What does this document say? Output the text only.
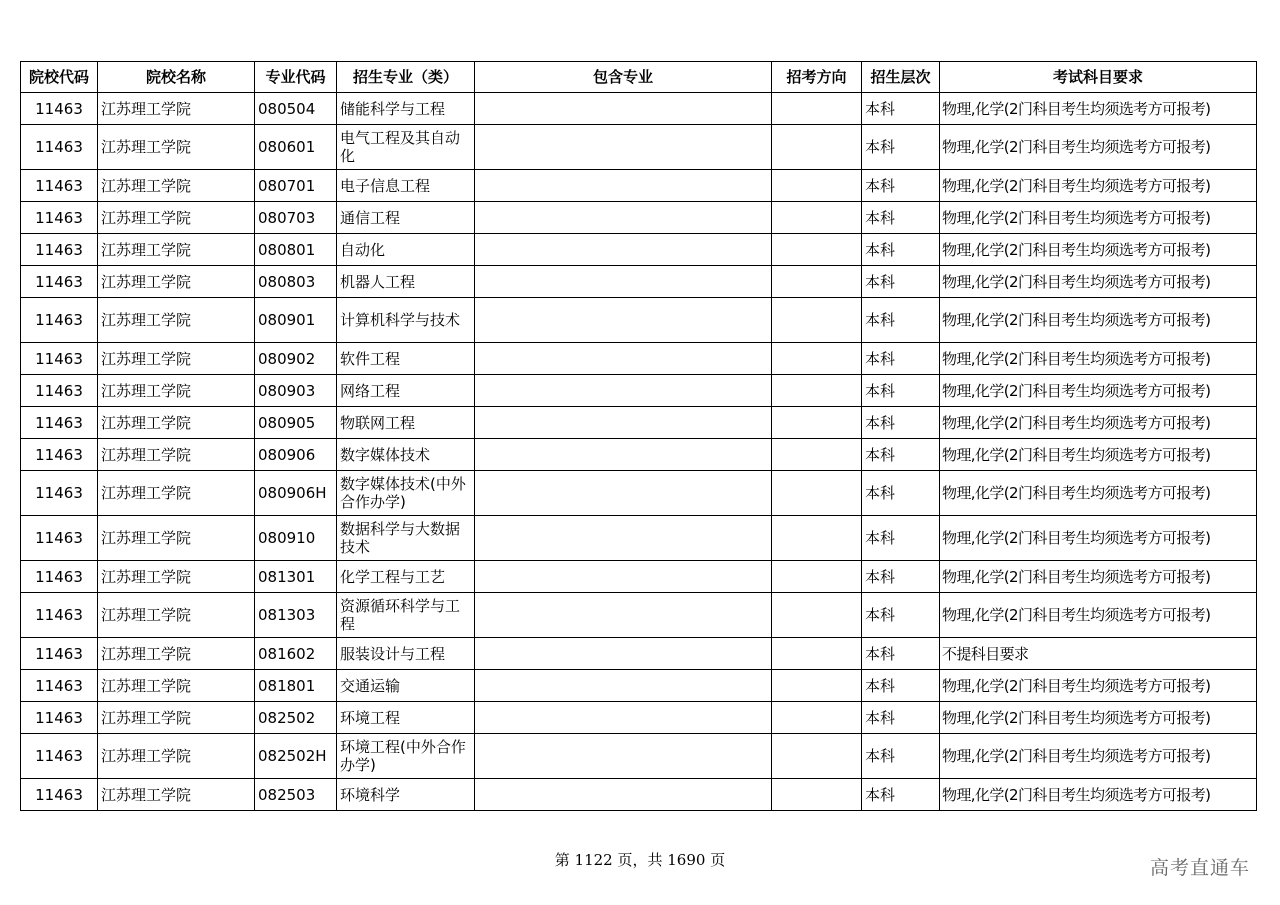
院校代码	院校名称	专业代码	招生专业（类）	包含专业	招考方向	招生层次	考试科目要求
11463	江苏理工学院	080504	储能科学与工程			本科	物理,化学(2门科目考生均须选考方可报考)
11463	江苏理工学院	080601	电气工程及其自动化			本科	物理,化学(2门科目考生均须选考方可报考)
11463	江苏理工学院	080701	电子信息工程			本科	物理,化学(2门科目考生均须选考方可报考)
11463	江苏理工学院	080703	通信工程			本科	物理,化学(2门科目考生均须选考方可报考)
11463	江苏理工学院	080801	自动化			本科	物理,化学(2门科目考生均须选考方可报考)
11463	江苏理工学院	080803	机器人工程			本科	物理,化学(2门科目考生均须选考方可报考)
11463	江苏理工学院	080901	计算机科学与技术			本科	物理,化学(2门科目考生均须选考方可报考)
11463	江苏理工学院	080902	软件工程			本科	物理,化学(2门科目考生均须选考方可报考)
11463	江苏理工学院	080903	网络工程			本科	物理,化学(2门科目考生均须选考方可报考)
11463	江苏理工学院	080905	物联网工程			本科	物理,化学(2门科目考生均须选考方可报考)
11463	江苏理工学院	080906	数字媒体技术			本科	物理,化学(2门科目考生均须选考方可报考)
11463	江苏理工学院	080906H	数字媒体技术(中外合作办学)			本科	物理,化学(2门科目考生均须选考方可报考)
11463	江苏理工学院	080910	数据科学与大数据技术			本科	物理,化学(2门科目考生均须选考方可报考)
11463	江苏理工学院	081301	化学工程与工艺			本科	物理,化学(2门科目考生均须选考方可报考)
11463	江苏理工学院	081303	资源循环科学与工程			本科	物理,化学(2门科目考生均须选考方可报考)
11463	江苏理工学院	081602	服装设计与工程			本科	不提科目要求
11463	江苏理工学院	081801	交通运输			本科	物理,化学(2门科目考生均须选考方可报考)
11463	江苏理工学院	082502	环境工程			本科	物理,化学(2门科目考生均须选考方可报考)
11463	江苏理工学院	082502H	环境工程(中外合作办学)			本科	物理,化学(2门科目考生均须选考方可报考)
11463	江苏理工学院	082503	环境科学			本科	物理,化学(2门科目考生均须选考方可报考)
第 1122 页，共 1690 页	高考直通车
